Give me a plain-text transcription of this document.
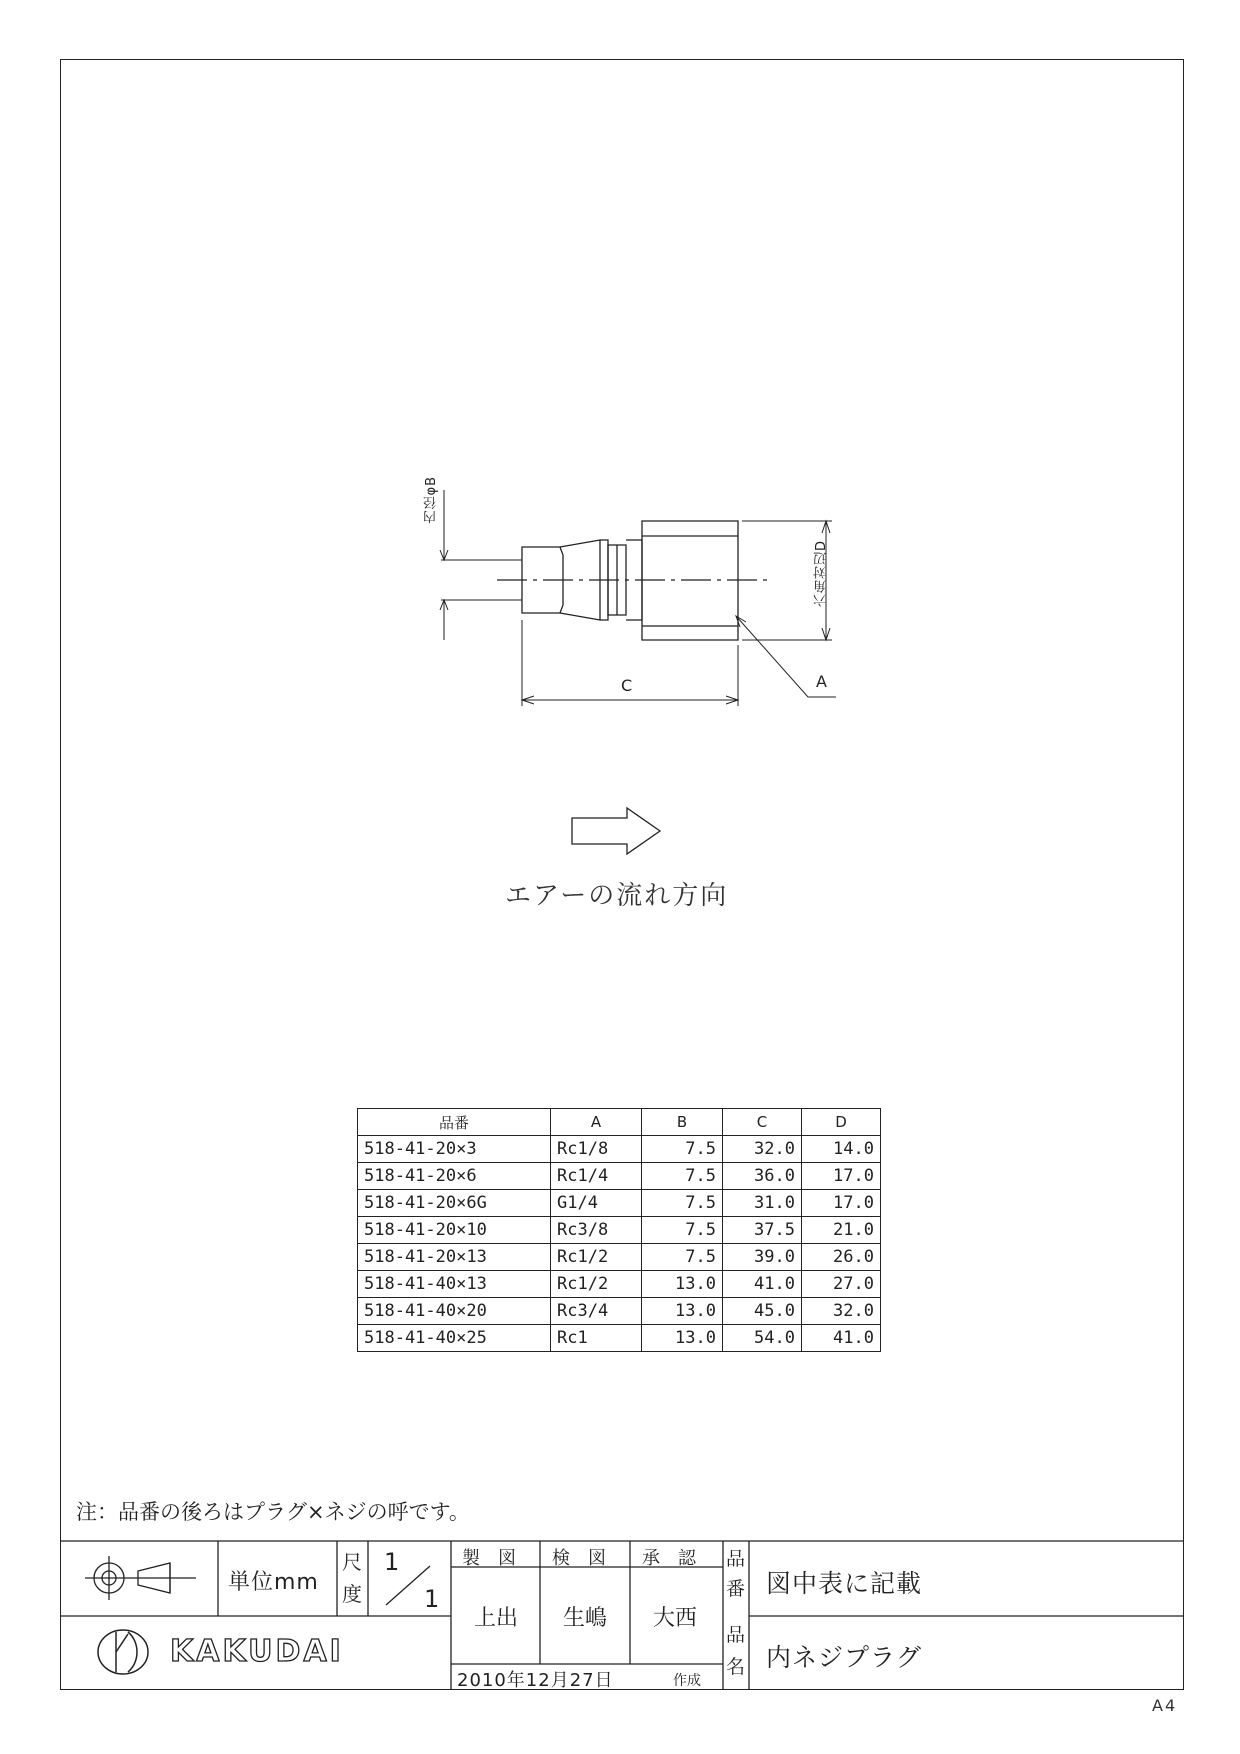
内径φB
六角対辺D
C	A
エアーの流れ方向
品番	A	B	C	D
518-41-20×3	Rc1/8	7.5	32.0	14.0
518-41-20×6	Rc1/4	7.5	36.0	17.0
518-41-20×6G	G1/4	7.5	31.0	17.0
518-41-20×10	Rc3/8	7.5	37.5	21.0
518-41-20×13	Rc1/2	7.5	39.0	26.0
518-41-40×13	Rc1/2	13.0	41.0	27.0
518-41-40×20	Rc3/4	13.0	45.0	32.0
518-41-40×25	Rc1	13.0	54.0	41.0
注：品番の後ろはプラグ×ネジの呼です。
単位mm
尺
度
1
1
製　図 検　図 承　認
上出 生嶋 大西
2010年12月27日	作成
品
番 図中表に記載
品
名 内ネジプラグ
KAKUDAI
A4
